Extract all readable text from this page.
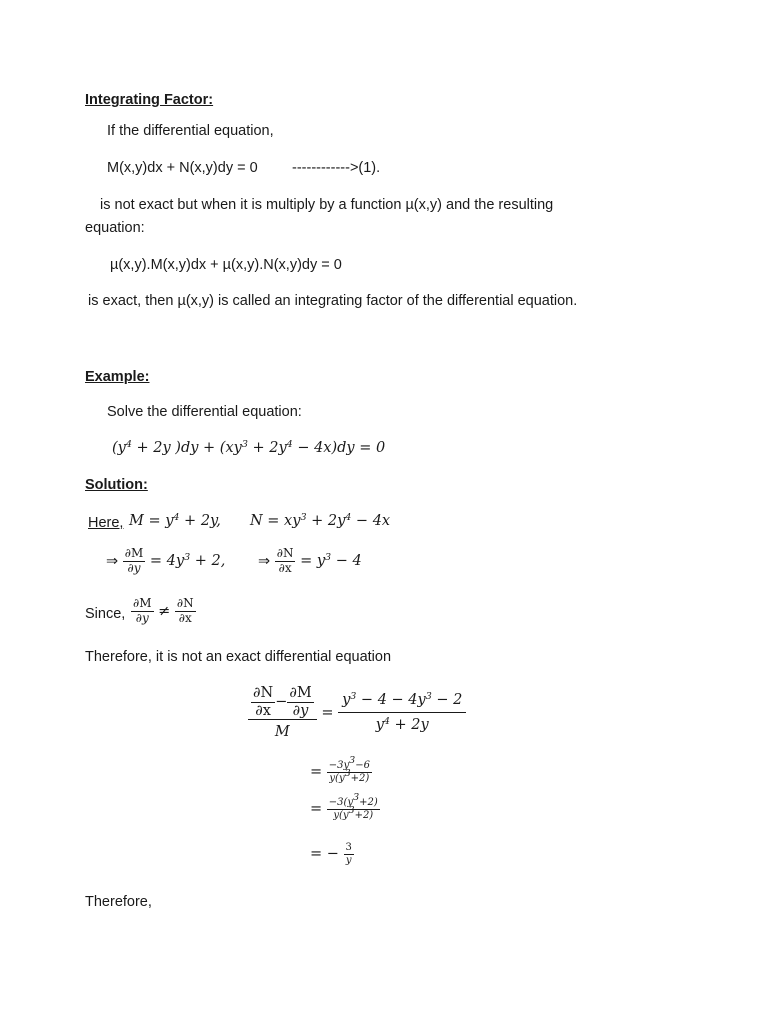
Integrating Factor:
If the differential equation,
M(x,y)dx + N(x,y)dy = 0 ------------>(1).
is not exact but when it is multiply by a function µ(x,y) and the resulting
equation:
µ(x,y).M(x,y)dx + µ(x,y).N(x,y)dy = 0
is exact, then µ(x,y) is called an integrating factor of the differential equation.
Example:
Solve the differential equation:
($y^4 + 2y$ )$dy + (xy^3 + 2y^4 - 4x)dy = 0$
Solution:
Here, $M = y^4 + 2y$, $N = xy^3 + 2y^4 - 4x$
⇒ $\frac{\partial M}{\partial y} = 4y^3 + 2$, ⇒ $\frac{\partial N}{\partial x} = y^3 - 4$
Since, $\frac{\partial M}{\partial y} \ne \frac{\partial N}{\partial x}$
Therefore, it is not an exact differential equation
$\frac{\frac{\partial N}{\partial x} - \frac{\partial M}{\partial y}}{M} = \frac{y^3 - 4 - 4y^3 - 2}{y^4 + 2y}$
= $\frac{-3y^3-6}{y(y^3+2)}$
= $\frac{-3(y^3+2)}{y(y^3+2)}$
= − $\frac{3}{y}$
Therefore,
